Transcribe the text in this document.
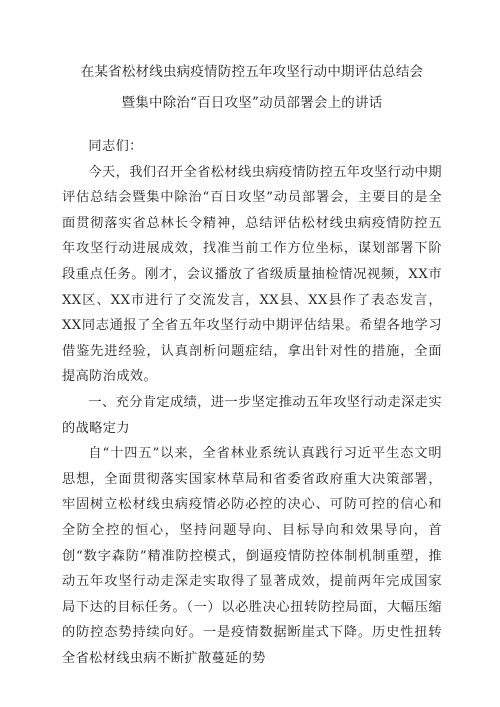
在某省松材线虫病疫情防控五年攻坚行动中期评估总结会

暨集中除治“百日攻坚”动员部署会上的讲话

同志们：

今天，我们召开全省松材线虫病疫情防控五年攻坚行动中期评估总结会暨集中除治“百日攻坚”动员部署会，主要目的是全面贯彻落实省总林长令精神，总结评估松材线虫病疫情防控五年攻坚行动进展成效，找准当前工作方位坐标，谋划部署下阶段重点任务。刚才，会议播放了省级质量抽检情况视频，XX市XX区、XX市进行了交流发言，XX县、XX县作了表态发言，XX同志通报了全省五年攻坚行动中期评估结果。希望各地学习借鉴先进经验，认真剖析问题症结，拿出针对性的措施，全面提高防治成效。

一、充分肯定成绩，进一步坚定推动五年攻坚行动走深走实的战略定力

自“十四五”以来，全省林业系统认真践行习近平生态文明思想，全面贯彻落实国家林草局和省委省政府重大决策部署，牢固树立松材线虫病疫情必防必控的决心、可防可控的信心和全防全控的恒心，坚持问题导向、目标导向和效果导向，首创“数字森防”精准防控模式，倒逼疫情防控体制机制重塑，推动五年攻坚行动走深走实取得了显著成效，提前两年完成国家局下达的目标任务。（一）以必胜决心扭转防控局面，大幅压缩的防控态势持续向好。一是疫情数据断崖式下降。历史性扭转全省松材线虫病不断扩散蔓延的势
